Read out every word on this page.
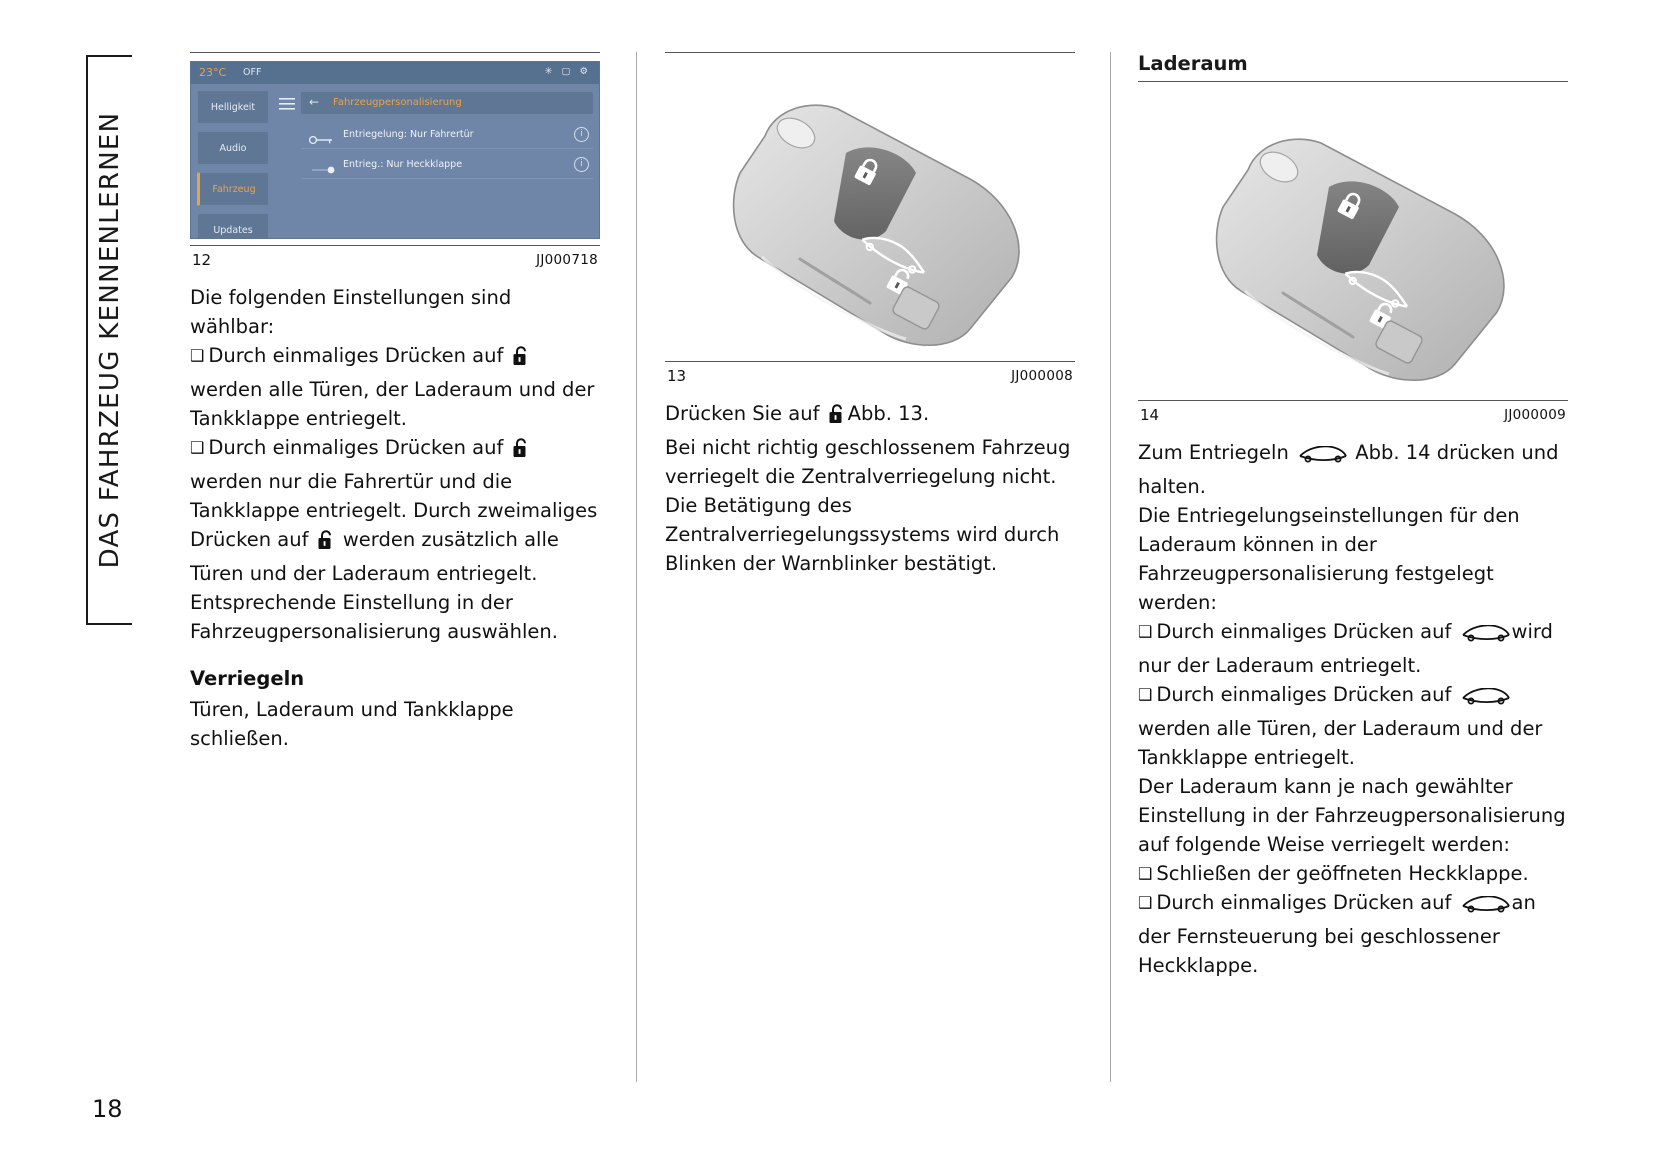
DAS FAHRZEUG KENNENLERNEN
23°C OFF	✳ ▢ ⚙
Helligkeit
Audio
Fahrzeug
Updates
← Fahrzeugpersonalisierung
Entriegelung: Nur Fahrertür	i
Entrieg.: Nur Heckklappe	i
12	JJ000718

Die folgenden Einstellungen sind wählbar:

❑ Durch einmaliges Drücken auf  werden alle Türen, der Laderaum und der Tankklappe entriegelt.

❑ Durch einmaliges Drücken auf  werden nur die Fahrertür und die Tankklappe entriegelt. Durch zweimaliges Drücken auf werden zusätzlich alle Türen und der Laderaum entriegelt.

Entsprechende Einstellung in der Fahrzeugpersonalisierung auswählen.

Verriegeln

Türen, Laderaum und Tankklappe schließen.

13	JJ000008

Drücken Sie auf Abb. 13.

Bei nicht richtig geschlossenem Fahrzeug verriegelt die Zentralverriegelung nicht.

Die Betätigung des Zentralverriegelungssystems wird durch Blinken der Warnblinker bestätigt.

Laderaum
14	JJ000009

Zum Entriegeln	Abb. 14 drücken und halten.

Die Entriegelungseinstellungen für den Laderaum können in der Fahrzeugpersonalisierung festgelegt werden:

❑ Durch einmaliges Drücken auf	wird nur der Laderaum entriegelt.

❑ Durch einmaliges Drücken auf werden alle Türen, der Laderaum und der Tankklappe entriegelt.

Der Laderaum kann je nach gewählter Einstellung in der Fahrzeugpersonalisierung auf folgende Weise verriegelt werden:

❑ Schließen der geöffneten Heckklappe.

❑ Durch einmaliges Drücken auf	an der Fernsteuerung bei geschlossener Heckklappe.

18
